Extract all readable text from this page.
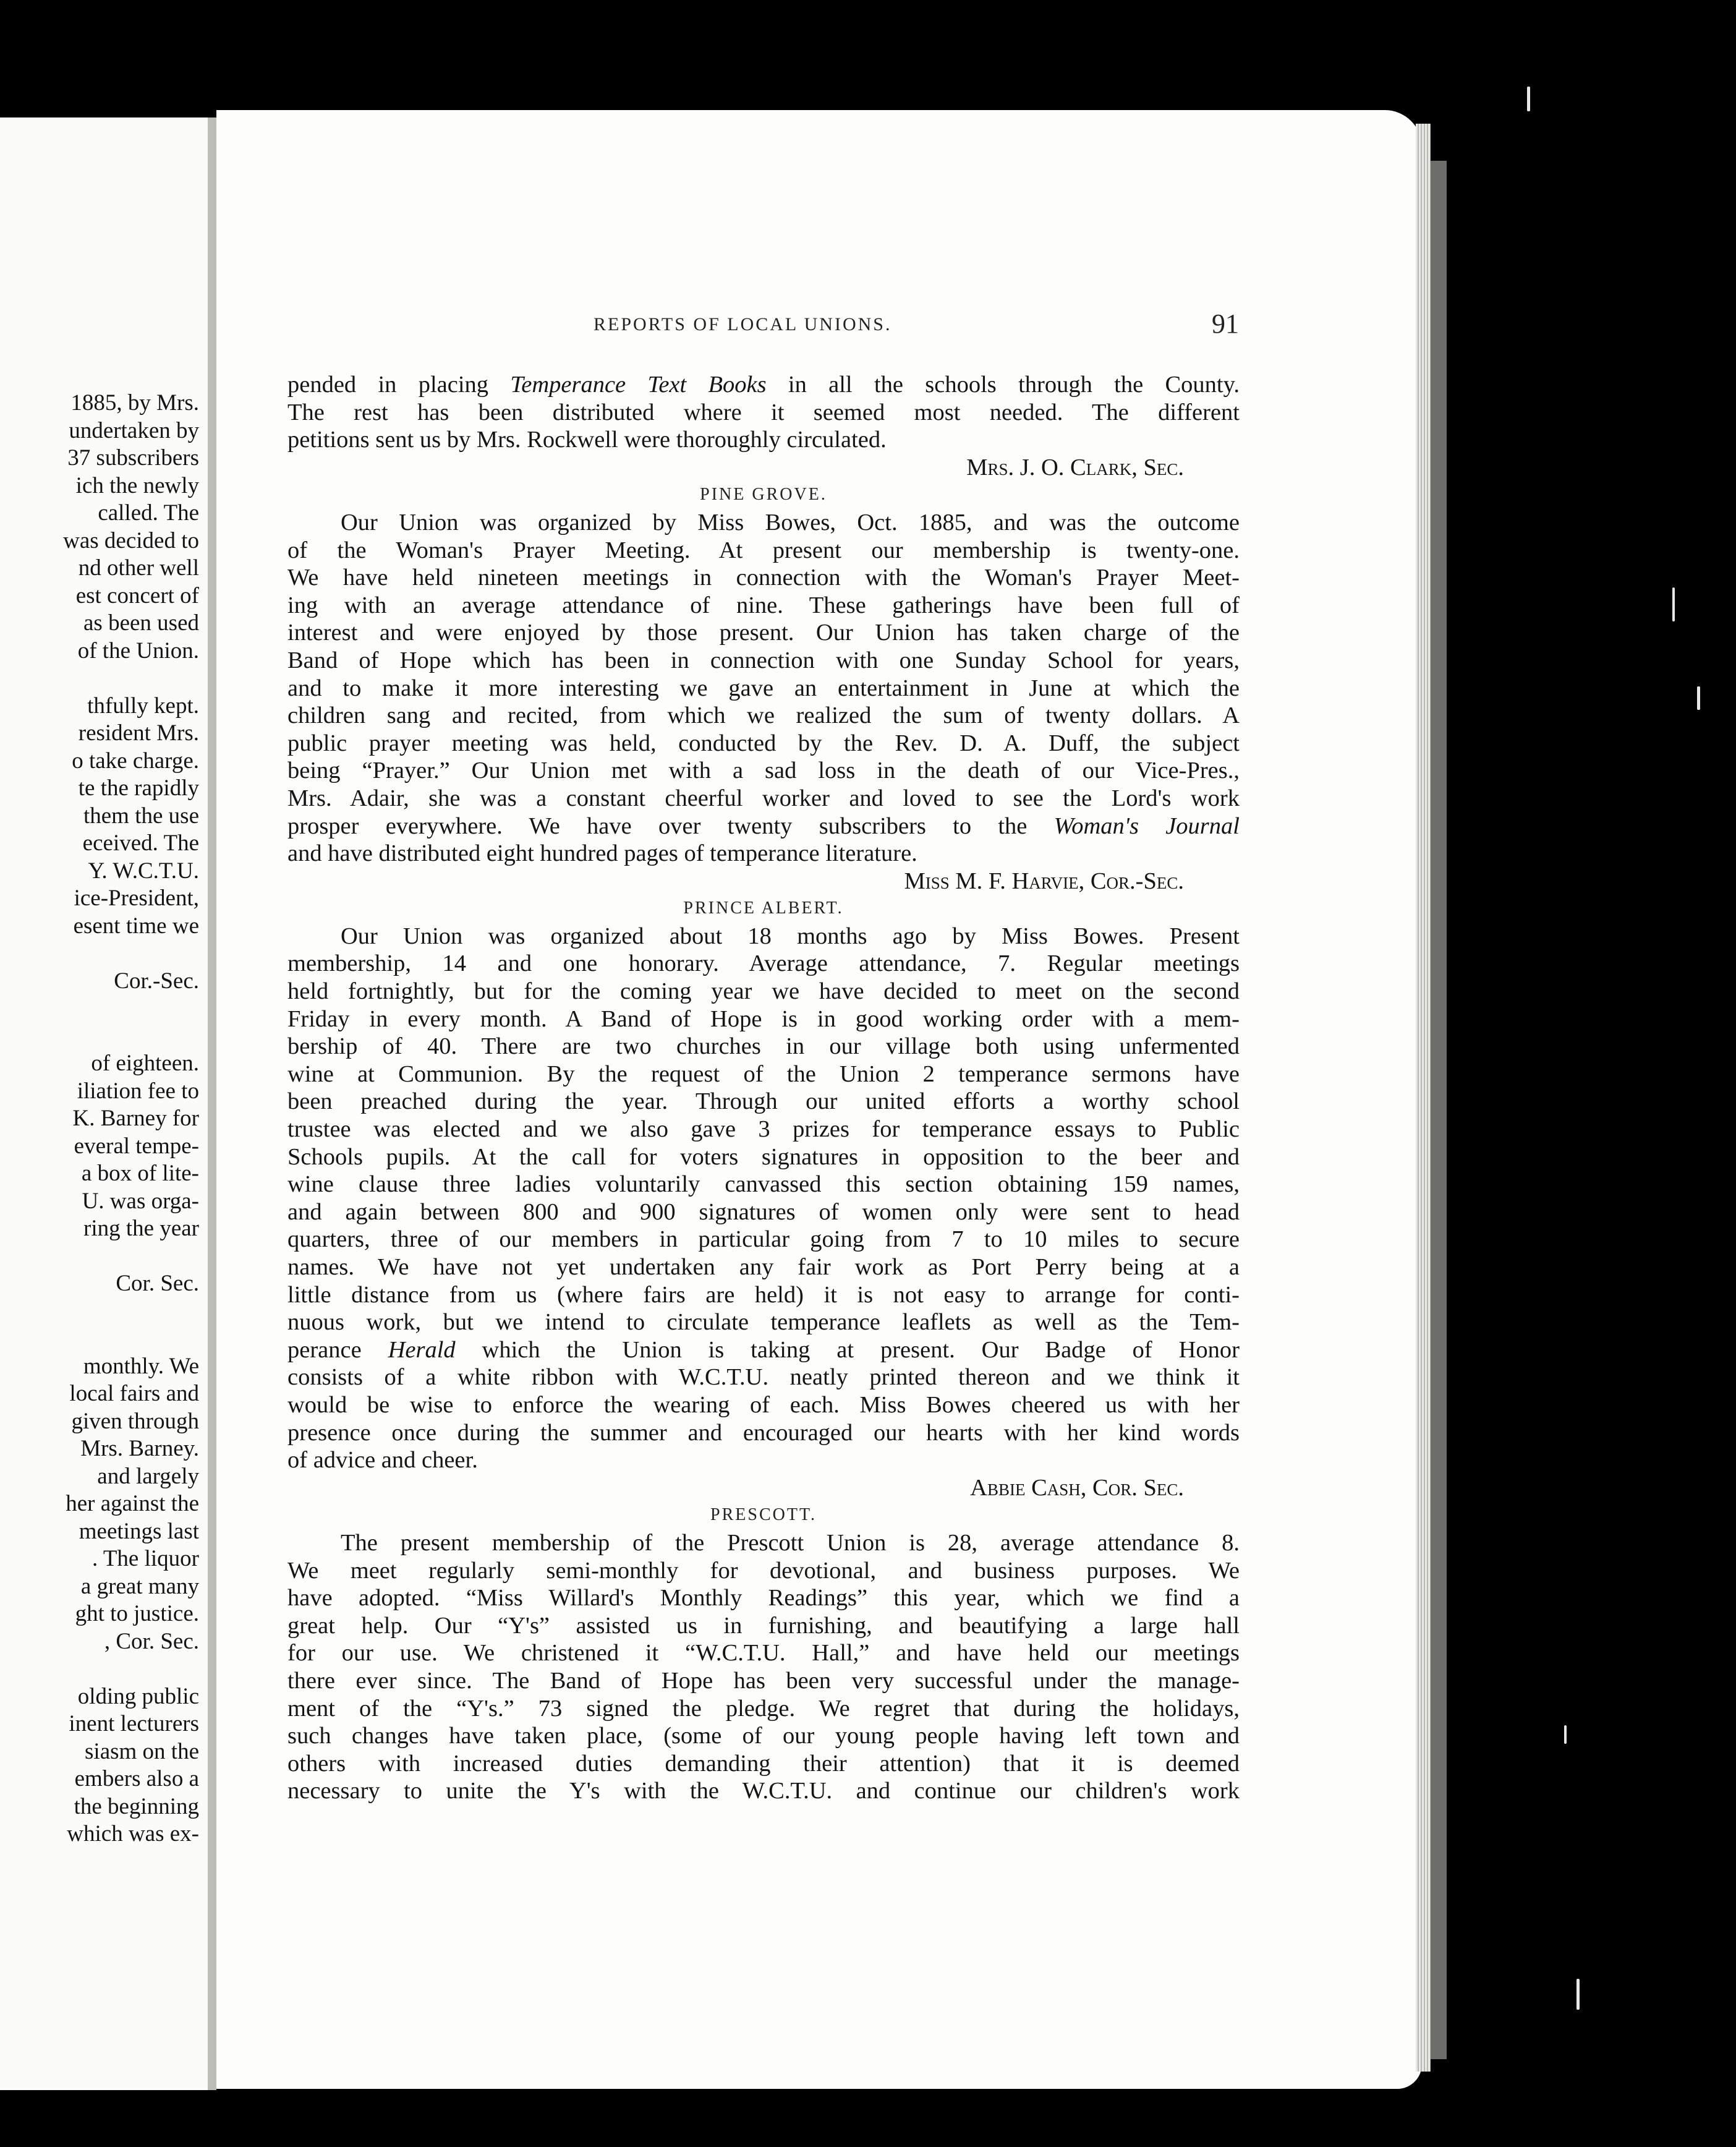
1885, by Mrs.
undertaken by
37 subscribers
ich the newly
called. The
was decided to
nd other well
est concert of
as been used
of the Union.
thfully kept.
resident Mrs.
o take charge.
te the rapidly
them the use
eceived. The
Y. W.C.T.U.
ice-President,
esent time we
Cor.-Sec.
of eighteen.
iliation fee to
K. Barney for
everal tempe-
a box of lite-
U. was orga-
ring the year
Cor. Sec.
monthly. We
local fairs and
given through
Mrs. Barney.
and largely
her against the
meetings last
. The liquor
a great many
ght to justice.
, Cor. Sec.
olding public
inent lecturers
siasm on the
embers also a
the beginning
which was ex-
REPORTS OF LOCAL UNIONS.	91
pended in placing Temperance Text Books in all the schools through the County.
The rest has been distributed where it seemed most needed. The different
petitions sent us by Mrs. Rockwell were thoroughly circulated.
Mrs. J. O. Clark, Sec.
PINE GROVE.
Our Union was organized by Miss Bowes, Oct. 1885, and was the outcome
of the Woman's Prayer Meeting. At present our membership is twenty-one.
We have held nineteen meetings in connection with the Woman's Prayer Meet-
ing with an average attendance of nine. These gatherings have been full of
interest and were enjoyed by those present. Our Union has taken charge of the
Band of Hope which has been in connection with one Sunday School for years,
and to make it more interesting we gave an entertainment in June at which the
children sang and recited, from which we realized the sum of twenty dollars. A
public prayer meeting was held, conducted by the Rev. D. A. Duff, the subject
being “Prayer.” Our Union met with a sad loss in the death of our Vice-Pres.,
Mrs. Adair, she was a constant cheerful worker and loved to see the Lord's work
prosper everywhere. We have over twenty subscribers to the Woman's Journal
and have distributed eight hundred pages of temperance literature.
Miss M. F. Harvie, Cor.-Sec.
PRINCE ALBERT.
Our Union was organized about 18 months ago by Miss Bowes. Present
membership, 14 and one honorary. Average attendance, 7. Regular meetings
held fortnightly, but for the coming year we have decided to meet on the second
Friday in every month. A Band of Hope is in good working order with a mem-
bership of 40. There are two churches in our village both using unfermented
wine at Communion. By the request of the Union 2 temperance sermons have
been preached during the year. Through our united efforts a worthy school
trustee was elected and we also gave 3 prizes for temperance essays to Public
Schools pupils. At the call for voters signatures in opposition to the beer and
wine clause three ladies voluntarily canvassed this section obtaining 159 names,
and again between 800 and 900 signatures of women only were sent to head
quarters, three of our members in particular going from 7 to 10 miles to secure
names. We have not yet undertaken any fair work as Port Perry being at a
little distance from us (where fairs are held) it is not easy to arrange for conti-
nuous work, but we intend to circulate temperance leaflets as well as the Tem-
perance Herald which the Union is taking at present. Our Badge of Honor
consists of a white ribbon with W.C.T.U. neatly printed thereon and we think it
would be wise to enforce the wearing of each. Miss Bowes cheered us with her
presence once during the summer and encouraged our hearts with her kind words
of advice and cheer.
Abbie Cash, Cor. Sec.
PRESCOTT.
The present membership of the Prescott Union is 28, average attendance 8.
We meet regularly semi-monthly for devotional, and business purposes. We
have adopted. “Miss Willard's Monthly Readings” this year, which we find a
great help. Our “Y's” assisted us in furnishing, and beautifying a large hall
for our use. We christened it “W.C.T.U. Hall,” and have held our meetings
there ever since. The Band of Hope has been very successful under the manage-
ment of the “Y's.” 73 signed the pledge. We regret that during the holidays,
such changes have taken place, (some of our young people having left town and
others with increased duties demanding their attention) that it is deemed
necessary to unite the Y's with the W.C.T.U. and continue our children's work
